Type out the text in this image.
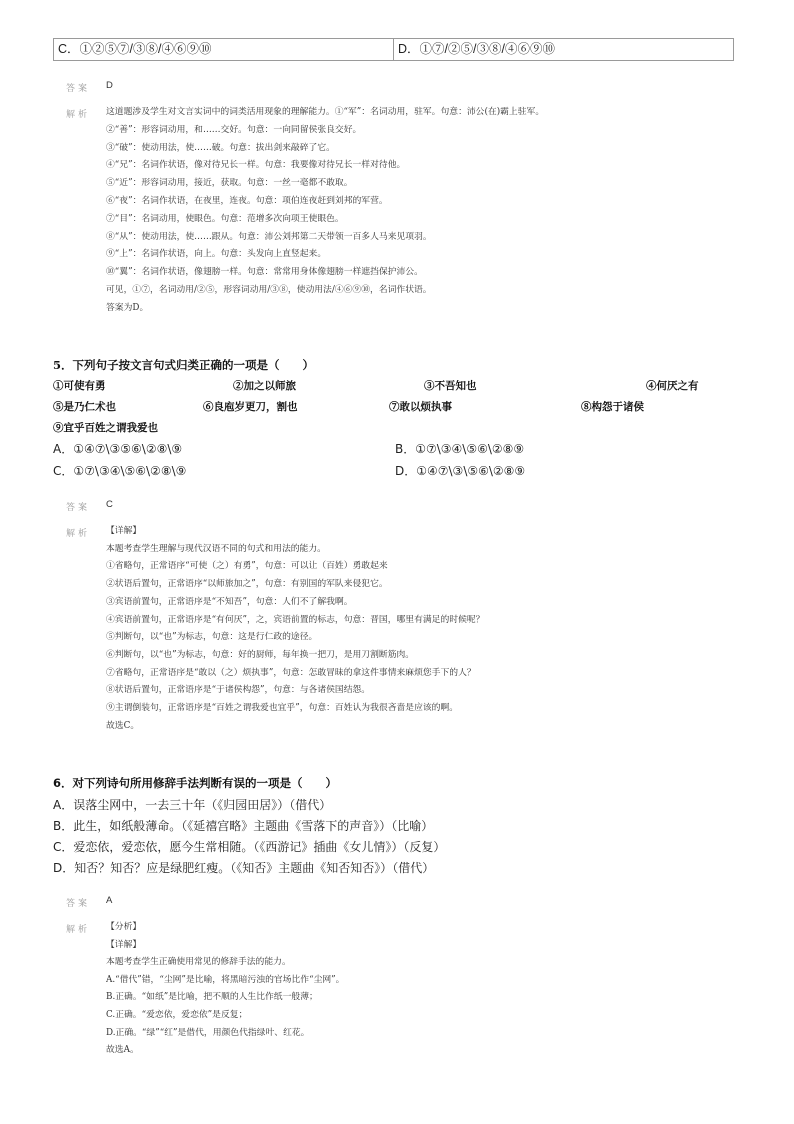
C．①②⑤⑦/③⑧/④⑥⑨⑩	D．①⑦/②⑤/③⑧/④⑥⑨⑩
答案 D
解析 这道题涉及学生对文言实词中的词类活用现象的理解能力。①“军”：名词动用，驻军。句意：沛公(在)霸上驻军。
②“善”：形容词动用，和……交好。句意：一向同留侯张良交好。
③“破”：使动用法，使……破。句意：拔出剑来敲碎了它。
④“兄”：名词作状语，像对待兄长一样。句意：我要像对待兄长一样对待他。
⑤“近”：形容词动用，接近，获取。句意：一丝一毫都不敢取。
⑥“夜”：名词作状语，在夜里，连夜。句意：项伯连夜赶到刘邦的军营。
⑦“目”：名词动用，使眼色。句意：范增多次向项王使眼色。
⑧“从”：使动用法，使……跟从。句意：沛公刘邦第二天带领一百多人马来见项羽。
⑨“上”：名词作状语，向上。句意：头发向上直竖起来。
⑩“翼”：名词作状语，像翅膀一样。句意：常常用身体像翅膀一样遮挡保护沛公。
可见，①⑦，名词动用/②⑤，形容词动用/③⑧，使动用法/④⑥⑨⑩，名词作状语。
答案为D。
5．下列句子按文言句式归类正确的一项是（　　）
①可使有勇	②加之以师旅	③不吾知也	④何厌之有
⑤是乃仁术也	⑥良庖岁更刀，割也	⑦敢以烦执事	⑧构怨于诸侯
⑨宜乎百姓之谓我爱也
A．①④⑦\③⑤⑥\②⑧\⑨	B．①⑦\③④\⑤⑥\②⑧⑨
C．①⑦\③④\⑤⑥\②⑧\⑨	D．①④⑦\③\⑤⑥\②⑧⑨
答案 C
解析 【详解】
本题考查学生理解与现代汉语不同的句式和用法的能力。
①省略句，正常语序“可使（之）有勇”，句意：可以让（百姓）勇敢起来
②状语后置句，正常语序“以师旅加之”，句意：有别国的军队来侵犯它。
③宾语前置句，正常语序是“不知吾”，句意：人们不了解我啊。
④宾语前置句，正常语序是“有何厌”，之，宾语前置的标志，句意：晋国，哪里有满足的时候呢？
⑤判断句，以“也”为标志，句意：这是行仁政的途径。
⑥判断句，以“也”为标志，句意：好的厨师，每年换一把刀，是用刀割断筋肉。
⑦省略句，正常语序是“敢以（之）烦执事”，句意：怎敢冒昧的拿这件事情来麻烦您手下的人？
⑧状语后置句，正常语序是“于诸侯构怨”，句意：与各诸侯国结怨。
⑨主谓倒装句，正常语序是“百姓之谓我爱也宜乎”，句意：百姓认为我很吝啬是应该的啊。
故选C。
6．对下列诗句所用修辞手法判断有误的一项是（　　）
A．误落尘网中，一去三十年（《归园田居》）（借代）
B．此生，如纸般薄命。（《延禧宫略》主题曲《雪落下的声音》）（比喻）
C．爱恋依，爱恋依，愿今生常相随。（《西游记》插曲《女儿情》）（反复）
D．知否？知否？应是绿肥红瘦。（《知否》主题曲《知否知否》）（借代）
答案 A
解析 【分析】
【详解】
本题考查学生正确使用常见的修辞手法的能力。
A.“借代”错，“尘网”是比喻，将黑暗污浊的官场比作“尘网”。
B.正确。“如纸”是比喻，把不顺的人生比作纸一般薄；
C.正确。“爱恋依，爱恋依”是反复；
D.正确。“绿”“红”是借代，用颜色代指绿叶、红花。
故选A。
